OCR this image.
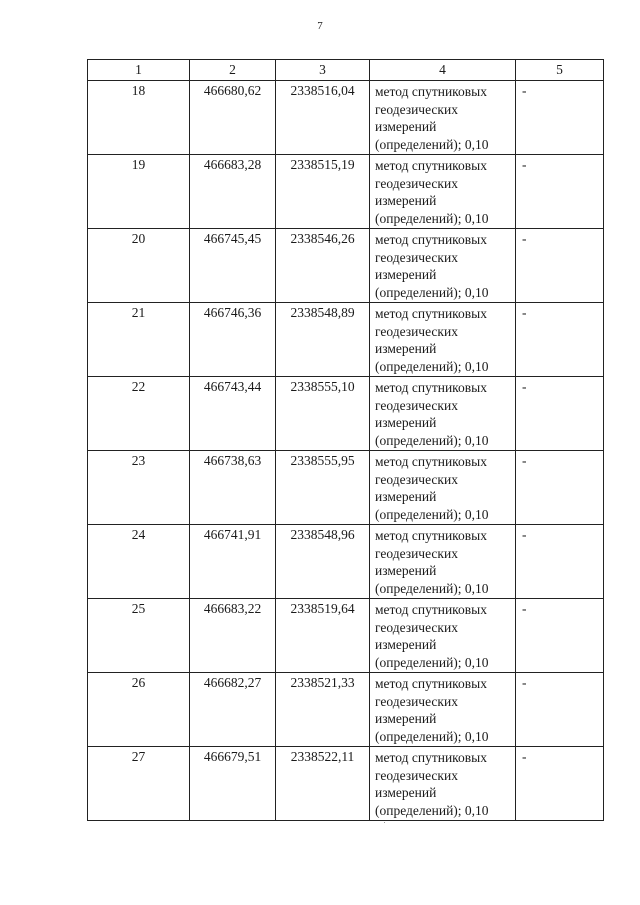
7
1	2	3	4	5
18	466680,62	2338516,04	метод спутниковых
геодезических
измерений
(определений); 0,10	-
19	466683,28	2338515,19	метод спутниковых
геодезических
измерений
(определений); 0,10	-
20	466745,45	2338546,26	метод спутниковых
геодезических
измерений
(определений); 0,10	-
21	466746,36	2338548,89	метод спутниковых
геодезических
измерений
(определений); 0,10	-
22	466743,44	2338555,10	метод спутниковых
геодезических
измерений
(определений); 0,10	-
23	466738,63	2338555,95	метод спутниковых
геодезических
измерений
(определений); 0,10	-
24	466741,91	2338548,96	метод спутниковых
геодезических
измерений
(определений); 0,10	-
25	466683,22	2338519,64	метод спутниковых
геодезических
измерений
(определений); 0,10	-
26	466682,27	2338521,33	метод спутниковых
геодезических
измерений
(определений); 0,10	-
27	466679,51	2338522,11	метод спутниковых
геодезических
измерений
(определений); 0,10	-
